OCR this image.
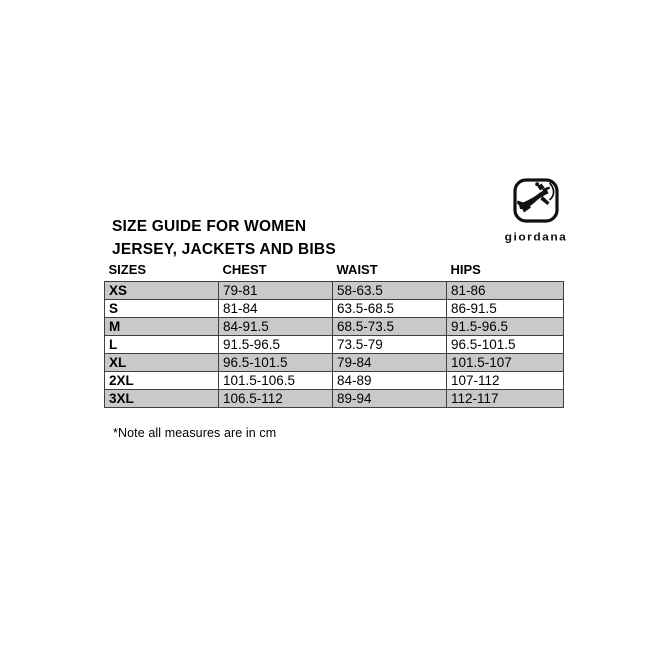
giordana
SIZE GUIDE FOR WOMEN
JERSEY, JACKETS AND BIBS
SIZES	CHEST	WAIST	HIPS
XS	79-81	58-63.5	81-86
S	81-84	63.5-68.5	86-91.5
M	84-91.5	68.5-73.5	91.5-96.5
L	91.5-96.5	73.5-79	96.5-101.5
XL	96.5-101.5	79-84	101.5-107
2XL	101.5-106.5	84-89	107-112
3XL	106.5-112	89-94	112-117
*Note all measures are in cm
